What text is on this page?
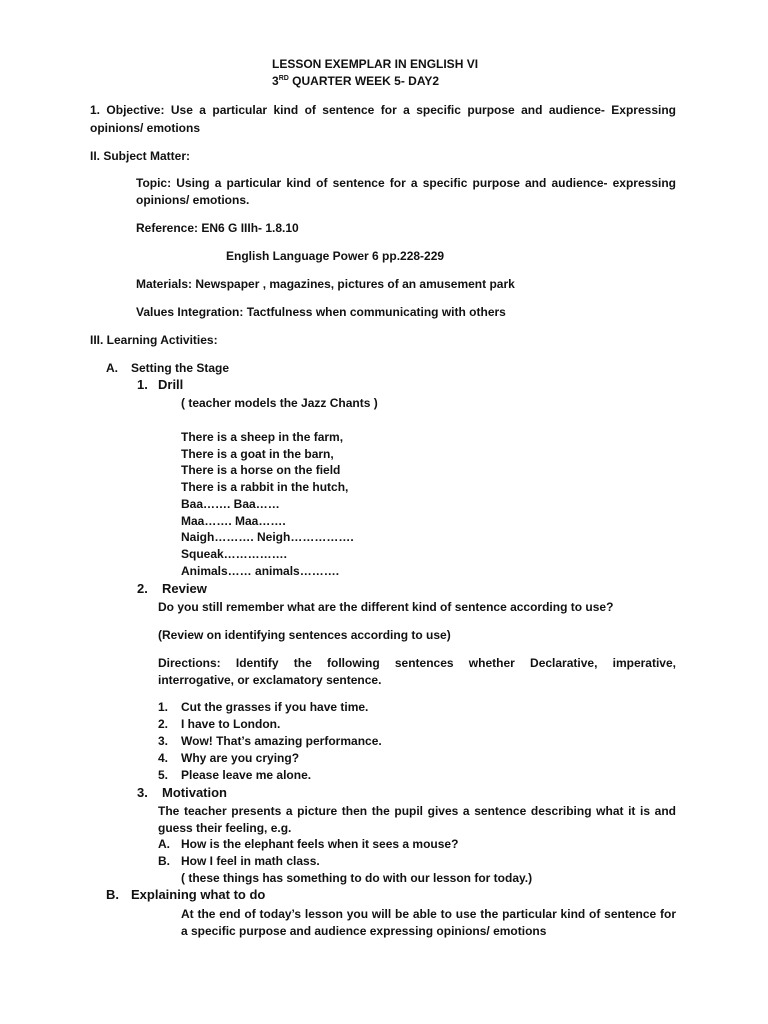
LESSON EXEMPLAR IN ENGLISH VI
3RD QUARTER WEEK 5- DAY2
1. Objective: Use a particular kind of sentence for a specific purpose and audience- Expressing
opinions/ emotions
II. Subject Matter:
Topic: Using a particular kind of sentence for a specific purpose and audience- expressing
opinions/ emotions.
Reference: EN6 G IIIh- 1.8.10
English Language Power 6 pp.228-229
Materials: Newspaper , magazines, pictures of an amusement park
Values Integration: Tactfulness when communicating with others
III. Learning Activities:
A. Setting the Stage
1. Drill
( teacher models the Jazz Chants )
There is a sheep in the farm,
There is a goat in the barn,
There is a horse on the field
There is a rabbit in the hutch,
Baa……. Baa……
Maa……. Maa…….
Naigh………. Neigh…………….
Squeak…………….
Animals…… animals……….
2. Review
Do you still remember what are the different kind of sentence according to use?
(Review on identifying sentences according to use)
Directions: Identify the following sentences whether Declarative, imperative,
interrogative, or exclamatory sentence.
1. Cut the grasses if you have time.
2. I have to London.
3. Wow! That’s amazing performance.
4. Why are you crying?
5. Please leave me alone.
3. Motivation
The teacher presents a picture then the pupil gives a sentence describing what it is and
guess their feeling, e.g.
A. How is the elephant feels when it sees a mouse?
B. How I feel in math class.
( these things has something to do with our lesson for today.)
B. Explaining what to do
At the end of today’s lesson you will be able to use the particular kind of sentence for
a specific purpose and audience expressing opinions/ emotions
